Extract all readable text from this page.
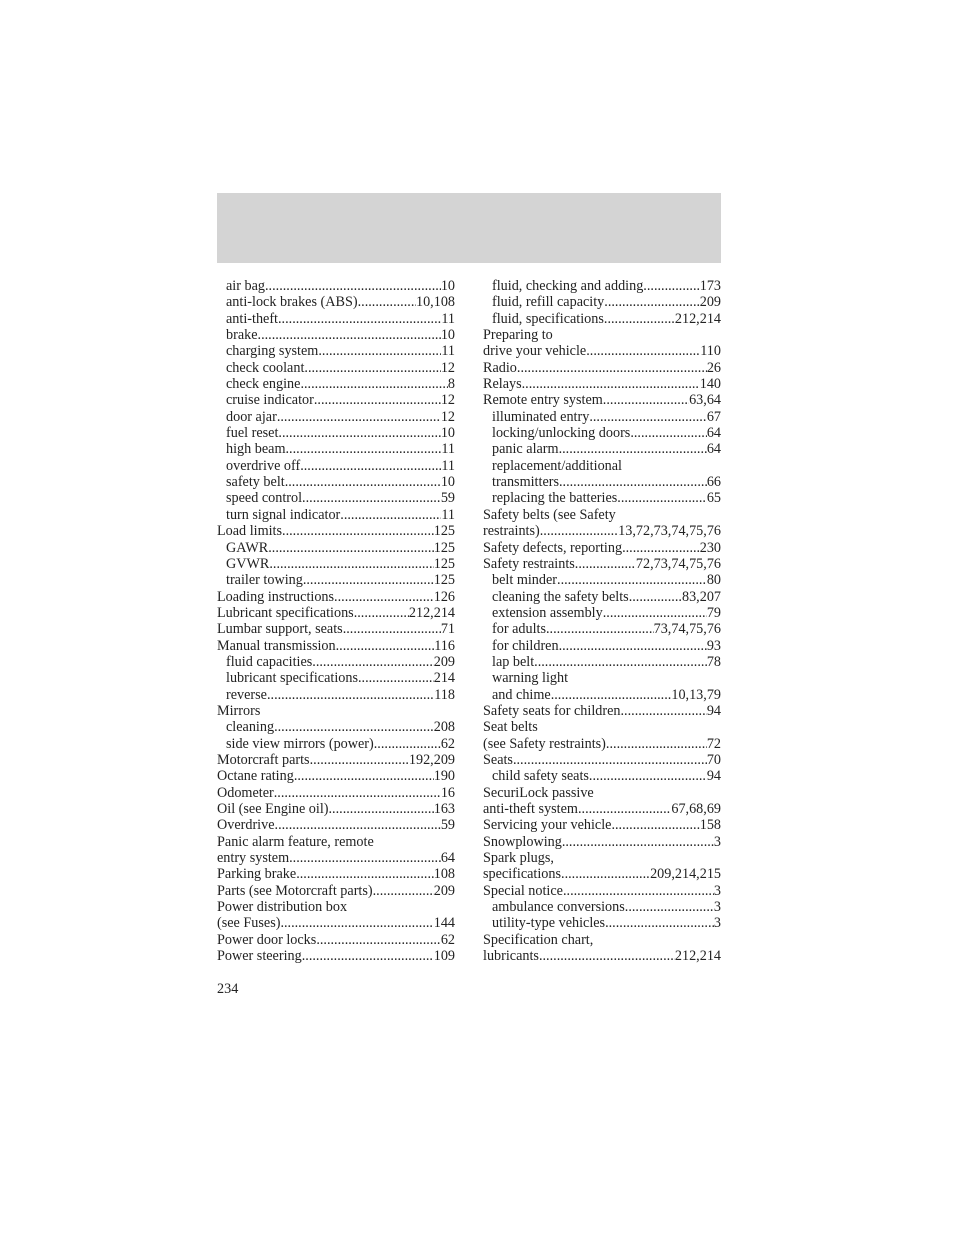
air bag .....	10
anti-lock brakes (ABS) .....	10,108
anti-theft .....	11
brake .....	10
charging system .....	11
check coolant .....	12
check engine .....	8
cruise indicator .....	12
door ajar .....	12
fuel reset .....	10
high beam .....	11
overdrive off .....	11
safety belt .....	10
speed control .....	59
turn signal indicator .....	11
Load limits .....	125
GAWR .....	125
GVWR .....	125
trailer towing .....	125
Loading instructions .....	126
Lubricant specifications .....	212,214
Lumbar support, seats .....	71
Manual transmission .....	116
fluid capacities .....	209
lubricant specifications .....	214
reverse .....	118
Mirrors
cleaning .....	208
side view mirrors (power) .....	62
Motorcraft parts .....	192,209
Octane rating .....	190
Odometer .....	16
Oil (see Engine oil) .....	163
Overdrive .....	59
Panic alarm feature, remote
entry system .....	64
Parking brake .....	108
Parts (see Motorcraft parts) .....	209
Power distribution box
(see Fuses) .....	144
Power door locks .....	62
Power steering .....	109
fluid, checking and adding .....	173
fluid, refill capacity .....	209
fluid, specifications .....	212,214
Preparing to
drive your vehicle .....	110
Radio .....	26
Relays .....	140
Remote entry system .....	63,64
illuminated entry .....	67
locking/unlocking doors .....	64
panic alarm .....	64
replacement/additional
transmitters .....	66
replacing the batteries .....	65
Safety belts (see Safety
restraints) .....	13,72,73,74,75,76
Safety defects, reporting .....	230
Safety restraints .....	72,73,74,75,76
belt minder .....	80
cleaning the safety belts .....	83,207
extension assembly .....	79
for adults .....	73,74,75,76
for children .....	93
lap belt .....	78
warning light
and chime .....	10,13,79
Safety seats for children .....	94
Seat belts
(see Safety restraints) .....	72
Seats .....	70
child safety seats .....	94
SecuriLock passive
anti-theft system .....	67,68,69
Servicing your vehicle .....	158
Snowplowing .....	3
Spark plugs,
specifications .....	209,214,215
Special notice .....	3
ambulance conversions .....	3
utility-type vehicles .....	3
Specification chart,
lubricants .....	212,214
234
